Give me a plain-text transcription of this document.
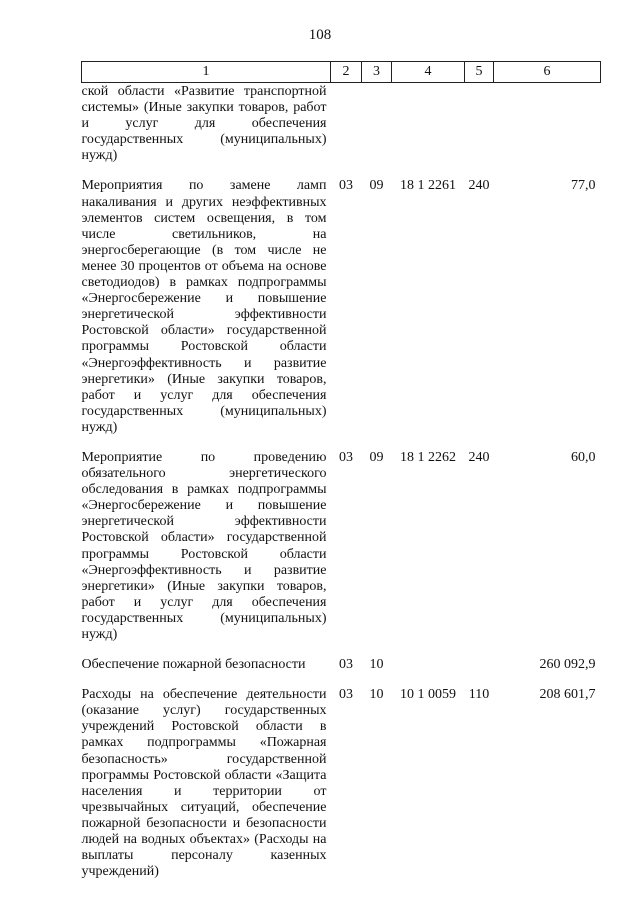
108
1	2	3	4	5	6
ской области «Развитие транспортной системы» (Иные закупки товаров, работ и услуг для обеспечения государственных (муниципальных) нужд)					
Мероприятия по замене ламп накаливания и других неэффективных элементов систем освещения, в том числе светильников, на энергосберегающие (в том числе не менее 30 процентов от объема на основе светодиодов) в рамках подпрограммы «Энергосбережение и повышение энергетической эффективности Ростовской области» государственной программы Ростовской области «Энергоэффективность и развитие энергетики» (Иные закупки товаров, работ и услуг для обеспечения государственных (муниципальных) нужд)	03	09	18 1 2261	240	77,0
Мероприятие по проведению обязательного энергетического обследования в рамках подпрограммы «Энергосбережение и повышение энергетической эффективности Ростовской области» государственной программы Ростовской области «Энергоэффективность и развитие энергетики» (Иные закупки товаров, работ и услуг для обеспечения государственных (муниципальных) нужд)	03	09	18 1 2262	240	60,0
Обеспечение пожарной безопасности	03	10			260 092,9
Расходы на обеспечение деятельности (оказание услуг) государственных учреждений Ростовской области в рамках подпрограммы «Пожарная безопасность» государственной программы Ростовской области «Защита населения и территории от чрезвычайных ситуаций, обеспечение пожарной безопасности и безопасности людей на водных объектах» (Расходы на выплаты персоналу казенных учреждений)	03	10	10 1 0059	110	208 601,7
